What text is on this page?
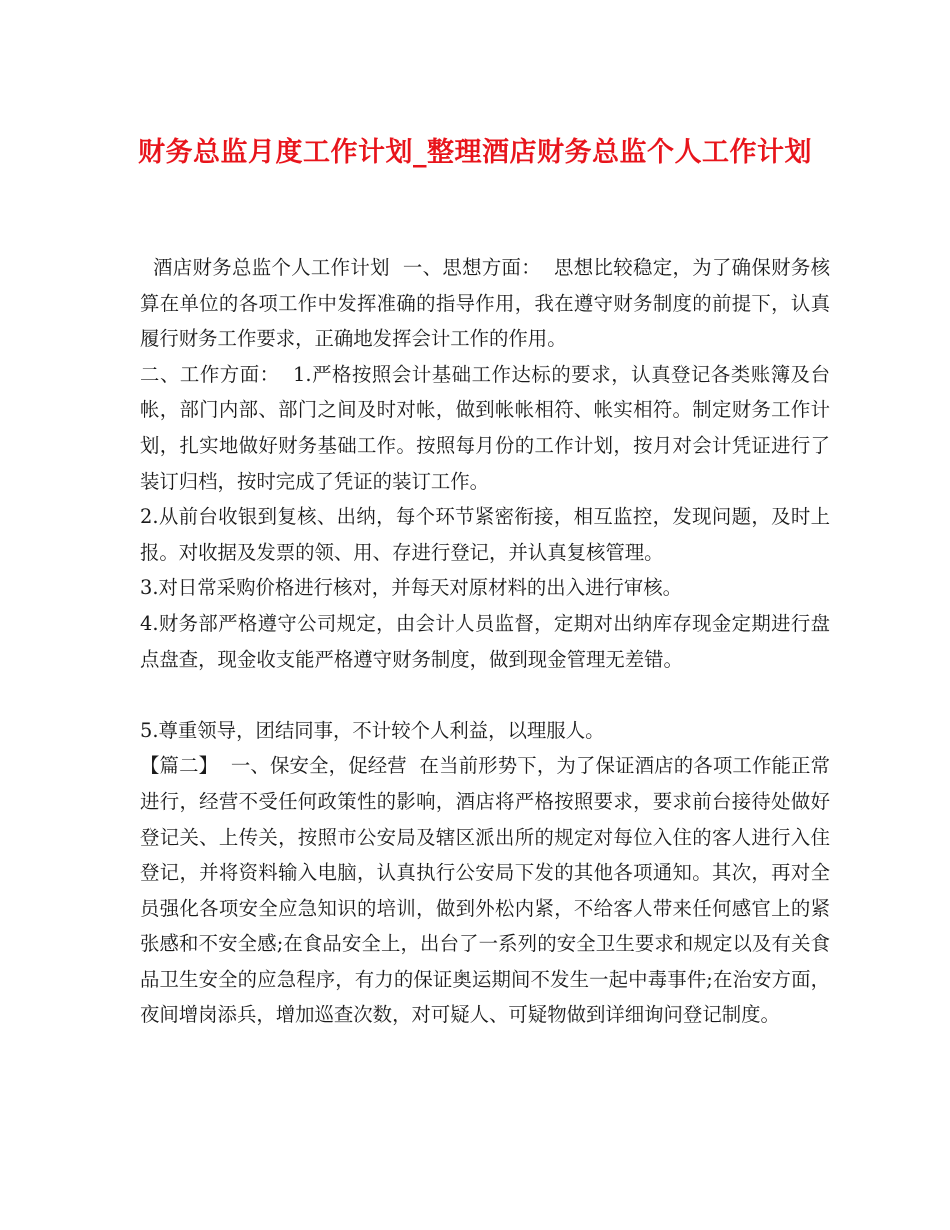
财务总监月度工作计划_整理酒店财务总监个人工作计划

酒店财务总监个人工作计划  一、思想方面：  思想比较稳定，为了确保财务核算在单位的各项工作中发挥准确的指导作用，我在遵守财务制度的前提下，认真履行财务工作要求，正确地发挥会计工作的作用。

二、工作方面：  1.严格按照会计基础工作达标的要求，认真登记各类账簿及台帐，部门内部、部门之间及时对帐，做到帐帐相符、帐实相符。制定财务工作计划，扎实地做好财务基础工作。按照每月份的工作计划，按月对会计凭证进行了装订归档，按时完成了凭证的装订工作。

2.从前台收银到复核、出纳，每个环节紧密衔接，相互监控，发现问题，及时上报。对收据及发票的领、用、存进行登记，并认真复核管理。

3.对日常采购价格进行核对，并每天对原材料的出入进行审核。

4.财务部严格遵守公司规定，由会计人员监督，定期对出纳库存现金定期进行盘点盘查，现金收支能严格遵守财务制度，做到现金管理无差错。

5.尊重领导，团结同事，不计较个人利益，以理服人。

【篇二】  一、保安全，促经营  在当前形势下，为了保证酒店的各项工作能正常进行，经营不受任何政策性的影响，酒店将严格按照要求，要求前台接待处做好登记关、上传关，按照市公安局及辖区派出所的规定对每位入住的客人进行入住登记，并将资料输入电脑，认真执行公安局下发的其他各项通知。其次，再对全员强化各项安全应急知识的培训，做到外松内紧，不给客人带来任何感官上的紧张感和不安全感;在食品安全上，出台了一系列的安全卫生要求和规定以及有关食品卫生安全的应急程序，有力的保证奥运期间不发生一起中毒事件;在治安方面，夜间增岗添兵，增加巡查次数，对可疑人、可疑物做到详细询问登记制度。
